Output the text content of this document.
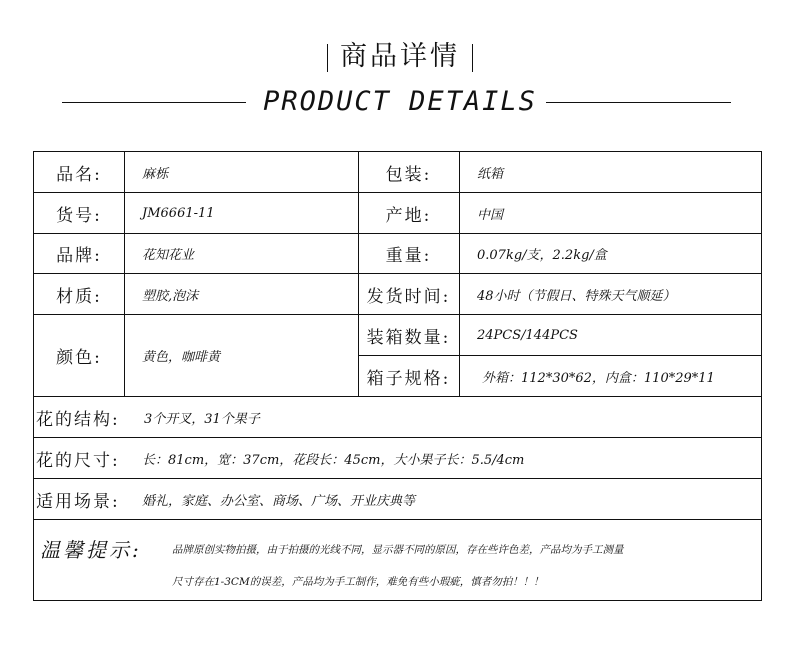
商品详情
PRODUCT DETAILS
品名:	麻栎	包装:	纸箱
货号:	JM6661-11	产地:	中国
品牌:	花知花业	重量:	0.07kg/支，2.2kg/盒
材质:	塑胶,泡沫	发货时间:	48小时（节假日、特殊天气顺延）
颜色:	黄色，咖啡黄
装箱数量:	24PCS/144PCS
箱子规格:	外箱：112*30*62，内盒：110*29*11
花的结构: 3个开叉，31个果子
花的尺寸: 长：81cm，宽：37cm，花段长：45cm，大小果子长：5.5/4cm
适用场景: 婚礼，家庭、办公室、商场、广场、开业庆典等
温馨提示:	品牌原创实物拍摄，由于拍摄的光线不同，显示器不同的原因，存在些许色差，产品均为手工测量
尺寸存在1-3CM的误差，产品均为手工制作，难免有些小瑕疵，慎者勿拍！！！
